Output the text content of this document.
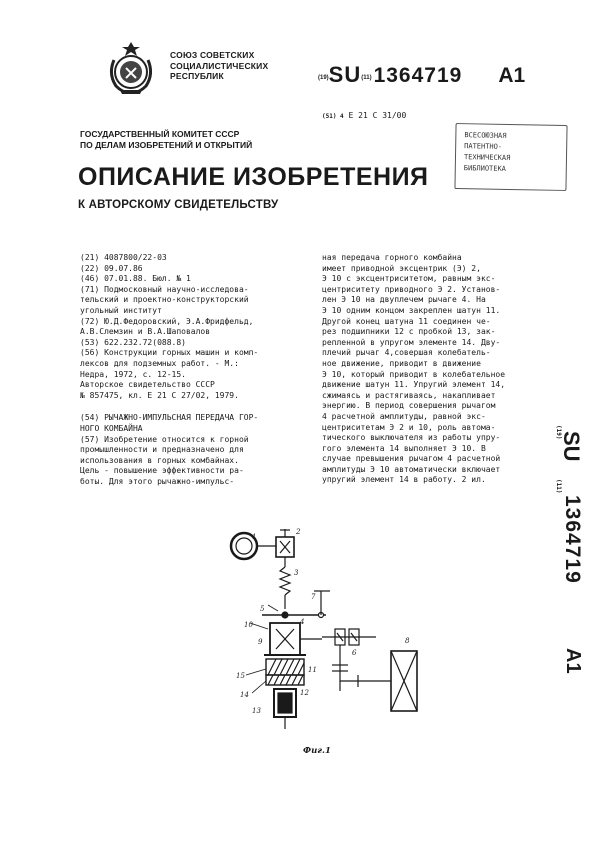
СОЮЗ СОВЕТСКИХ
СОЦИАЛИСТИЧЕСКИХ
РЕСПУБЛИК	(19)SU(11)1364719 A1
(51) 4 E 21 C 31/00
ГОСУДАРСТВЕННЫЙ КОМИТЕТ СССР
ПО ДЕЛАМ ИЗОБРЕТЕНИЙ И ОТКРЫТИЙ
ВСЕСОЮЗНАЯ
ПАТЕНТНО-
ТЕХНИЧЕСКАЯ
БИБЛИОТЕКА
ОПИСАНИЕ ИЗОБРЕТЕНИЯ
К АВТОРСКОМУ СВИДЕТЕЛЬСТВУ
(21) 4087800/22-03
(22) 09.07.86
(46) 07.01.88. Бюл. № 1
(71) Подмосковный научно-исследова-
тельский и проектно-конструкторский
угольный институт
(72) Ю.Д.Федоровский, Э.А.Фридфельд,
А.В.Слемзин и В.А.Шаповалов
(53) 622.232.72(088.8)
(56) Конструкции горных машин и комп-
лексов для подземных работ. - М.:
Недра, 1972, с. 12-15.
Авторское свидетельство СССР
№ 857475, кл. Е 21 С 27/02, 1979.
(54) РЫЧАЖНО-ИМПУЛЬСНАЯ ПЕРЕДАЧА ГОР-
НОГО КОМБАЙНА
(57) Изобретение относится к горной
промышленности и предназначено для
использования в горных комбайнах.
Цель - повышение эффективности ра-
боты. Для этого рычажно-импульс-
ная передача горного комбайна
имеет приводной эксцентрик (Э) 2,
Э 10 с эксцентриситетом, равным экс-
центриситету приводного Э 2. Установ-
лен Э 10 на двуплечем рычаге 4. На
Э 10 одним концом закреплен шатун 11.
Другой конец шатуна 11 соединен че-
рез подшипники 12 с пробкой 13, зак-
репленной в упругом элементе 14. Дву-
плечий рычаг 4,совершая колебатель-
ное движение, приводит в движение
Э 10, который приводит в колебательное
движение шатун 11. Упругий элемент 14,
сжимаясь и растягиваясь, накапливает
энергию. В период совершения рычагом
4 расчетной амплитуды, равной экс-
центриситетам Э 2 и 10, роль автома-
тического выключателя из работы упру-
гого элемента 14 выполняет Э 10. В
случае превышения рычагом 4 расчетной
амплитуды Э 10 автоматически включает
упругий элемент 14 в работу. 2 ил.
(19)
SU
(11)
1364719
A1
1
2
3
4
5
6
7
8
9
10
11
12
13
14
15
Фиг.1
